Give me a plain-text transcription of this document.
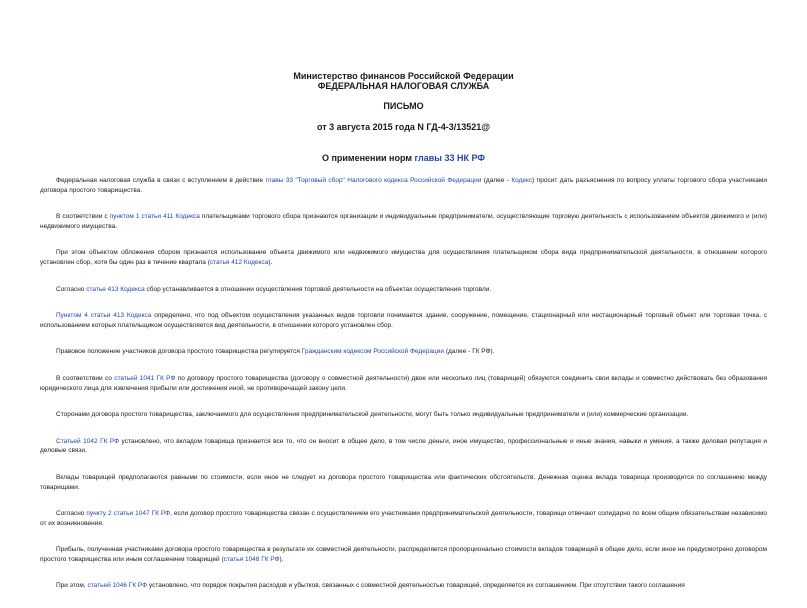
Министерство финансов Российской Федерации
ФЕДЕРАЛЬНАЯ НАЛОГОВАЯ СЛУЖБА
ПИСЬМО
от 3 августа 2015 года N ГД-4-3/13521@
О применении норм главы 33 НК РФ

Федеральная налоговая служба в связи с вступлением в действие главы 33 "Торговый сбор" Налогового кодекса Российской Федерации (далее - Кодекс) просит дать разъяснения по вопросу уплаты торгового сбора участниками договора простого товарищества.

В соответствии с пунктом 1 статьи 411 Кодекса плательщиками торгового сбора признаются организации и индивидуальные предприниматели, осуществляющие торговую деятельность с использованием объектов движимого и (или) недвижимого имущества.

При этом объектом обложения сбором признается использование объекта движимого или недвижимого имущества для осуществления плательщиком сбора вида предпринимательской деятельности, в отношении которого установлен сбор, хотя бы один раз в течение квартала (статья 412 Кодекса).

Согласно статье 413 Кодекса сбор устанавливается в отношении осуществления торговой деятельности на объектах осуществления торговли.

Пунктом 4 статьи 413 Кодекса определено, что под объектом осуществления указанных видов торговли понимается здание, сооружение, помещение, стационарный или нестационарный торговый объект или торговая точка, с использованием которых плательщиком осуществляется вид деятельности, в отношении которого установлен сбор.

Правовое положение участников договора простого товарищества регулируется Гражданским кодексом Российской Федерации (далее - ГК РФ).

В соответствии со статьей 1041 ГК РФ по договору простого товарищества (договору о совместной деятельности) двое или несколько лиц (товарищей) обязуются соединить свои вклады и совместно действовать без образования юридического лица для извлечения прибыли или достижения иной, не противоречащей закону цели.

Сторонами договора простого товарищества, заключаемого для осуществления предпринимательской деятельности, могут быть только индивидуальные предприниматели и (или) коммерческие организации.

Статьей 1042 ГК РФ установлено, что вкладом товарища признается все то, что он вносит в общее дело, в том числе деньги, иное имущество, профессиональные и иные знания, навыки и умения, а также деловая репутация и деловые связи.

Вклады товарищей предполагаются равными по стоимости, если иное не следует из договора простого товарищества или фактических обстоятельств. Денежная оценка вклада товарища производится по соглашению между товарищами.

Согласно пункту 2 статьи 1047 ГК РФ, если договор простого товарищества связан с осуществлением его участниками предпринимательской деятельности, товарищи отвечают солидарно по всем общим обязательствам независимо от их возникновения.

Прибыль, полученная участниками договора простого товарищества в результате их совместной деятельности, распределяется пропорционально стоимости вкладов товарищей в общее дело, если иное не предусмотрено договором простого товарищества или иным соглашением товарищей (статья 1048 ГК РФ).

При этом, статьей 1046 ГК РФ установлено, что порядок покрытия расходов и убытков, связанных с совместной деятельностью товарищей, определяется их соглашением. При отсутствии такого соглашения
